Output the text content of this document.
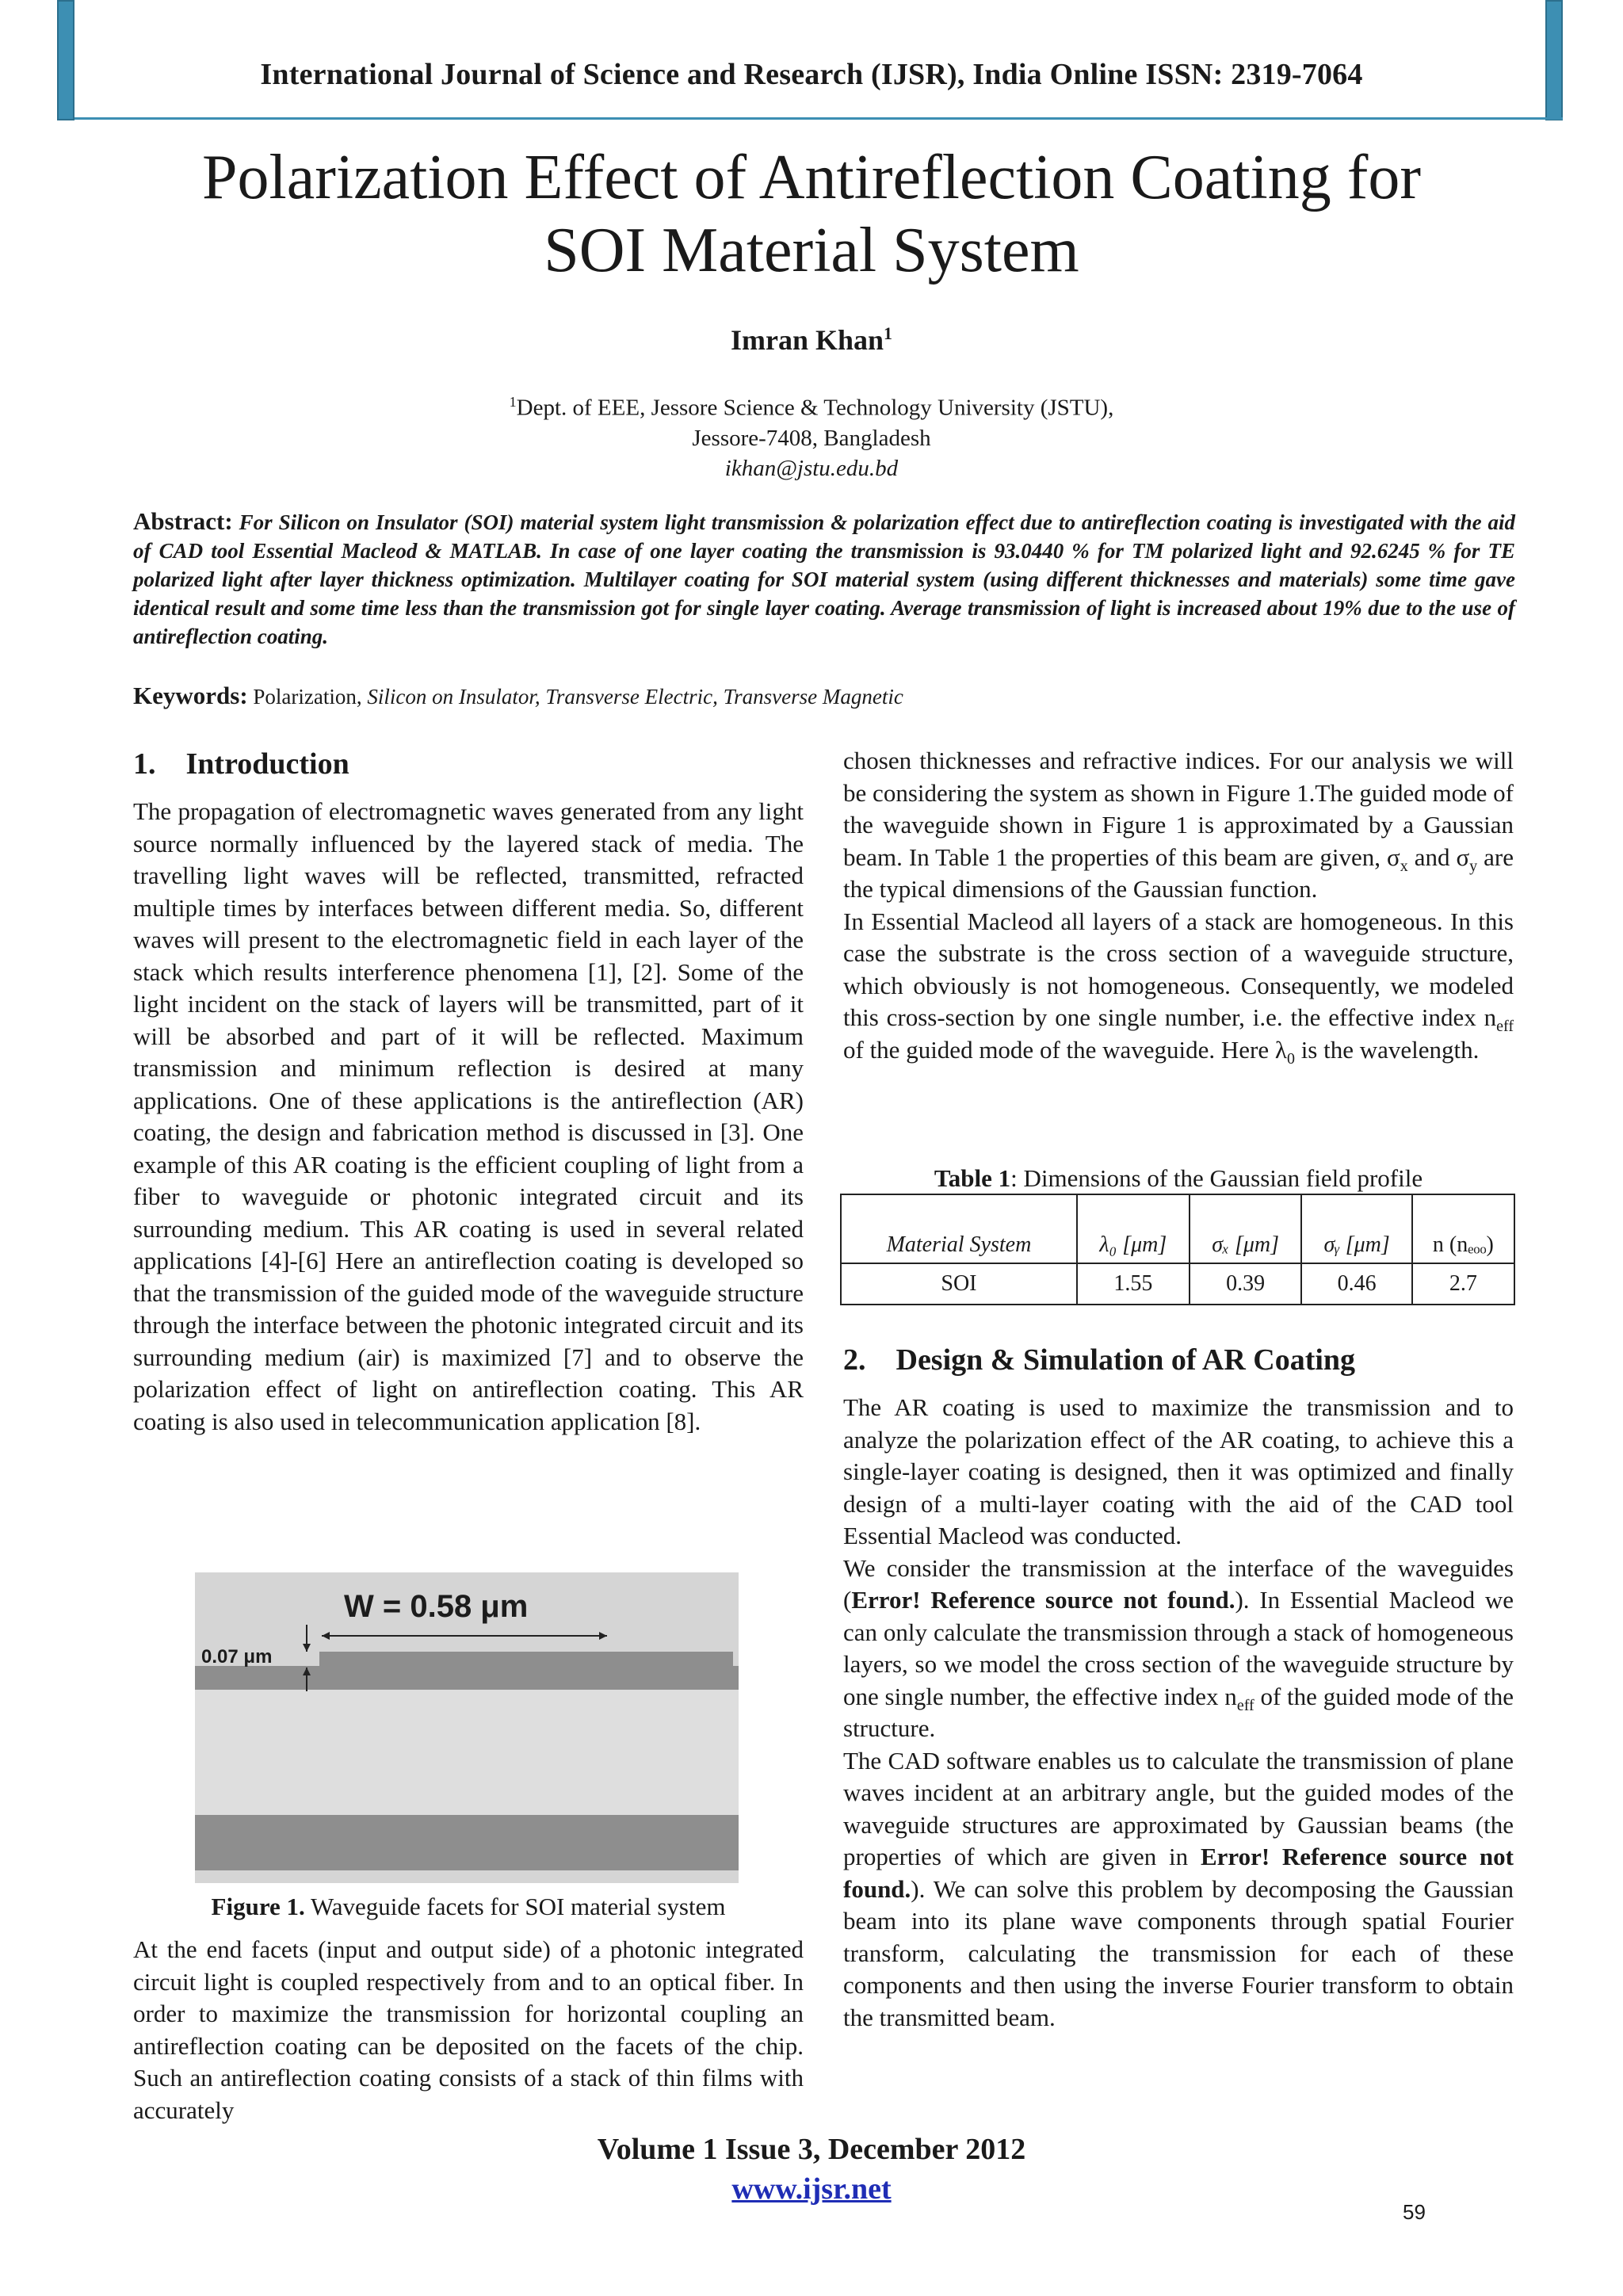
International Journal of Science and Research (IJSR), India Online ISSN: 2319-7064
Polarization Effect of Antireflection Coating for
SOI Material System
Imran Khan$^1$
$^1$Dept. of EEE, Jessore Science & Technology University (JSTU),
Jessore-7408, Bangladesh
ikhan@jstu.edu.bd
Abstract: For Silicon on Insulator (SOI) material system light transmission & polarization effect due to antireflection coating is investigated with the aid of CAD tool Essential Macleod & MATLAB. In case of one layer coating the transmission is 93.0440 % for TM polarized light and 92.6245 % for TE polarized light after layer thickness optimization. Multilayer coating for SOI material system (using different thicknesses and materials) some time gave identical result and some time less than the transmission got for single layer coating. Average transmission of light is increased about 19% due to the use of antireflection coating.
Keywords: Polarization, Silicon on Insulator, Transverse Electric, Transverse Magnetic
1. Introduction

The propagation of electromagnetic waves generated from any light source normally influenced by the layered stack of media. The travelling light waves will be reflected, transmitted, refracted multiple times by interfaces between different media. So, different waves will present to the electromagnetic field in each layer of the stack which results interference phenomena [1], [2]. Some of the light incident on the stack of layers will be transmitted, part of it will be absorbed and part of it will be reflected. Maximum transmission and minimum reflection is desired at many applications. One of these applications is the antireflection (AR) coating, the design and fabrication method is discussed in [3]. One example of this AR coating is the efficient coupling of light from a fiber to waveguide or photonic integrated circuit and its surrounding medium. This AR coating is used in several related applications [4]-[6] Here an antireflection coating is developed so that the transmission of the guided mode of the waveguide structure through the interface between the photonic integrated circuit and its surrounding medium (air) is maximized [7] and to observe the polarization effect of light on antireflection coating. This AR coating is also used in telecommunication application [8].

W = 0.58 μm
0.07 μm
Figure 1. Waveguide facets for SOI material system

At the end facets (input and output side) of a photonic integrated circuit light is coupled respectively from and to an optical fiber. In order to maximize the transmission for horizontal coupling an antireflection coating can be deposited on the facets of the chip. Such an antireflection coating consists of a stack of thin films with accurately

chosen thicknesses and refractive indices. For our analysis we will be considering the system as shown in Figure 1.The guided mode of the waveguide shown in Figure 1 is approximated by a Gaussian beam. In Table 1 the properties of this beam are given, $\sigma_x$ and $\sigma_y$ are the typical dimensions of the Gaussian function.

In Essential Macleod all layers of a stack are homogeneous. In this case the substrate is the cross section of a waveguide structure, which obviously is not homogeneous. Consequently, we modeled this cross-section by one single number, i.e. the effective index $n_{eff}$ of the guided mode of the waveguide. Here $\lambda_0$ is the wavelength.

Table 1: Dimensions of the Gaussian field profile
Material System	λ₀ [μm]	σₓ [μm]	σᵧ [μm]	n (nₑₒₒ)
SOI	1.55	0.39	0.46	2.7
2. Design & Simulation of AR Coating

The AR coating is used to maximize the transmission and to analyze the polarization effect of the AR coating, to achieve this a single-layer coating is designed, then it was optimized and finally design of a multi-layer coating with the aid of the CAD tool Essential Macleod was conducted.

We consider the transmission at the interface of the waveguides (Error! Reference source not found.). In Essential Macleod we can only calculate the transmission through a stack of homogeneous layers, so we model the cross section of the waveguide structure by one single number, the effective index $n_{eff}$ of the guided mode of the structure.

The CAD software enables us to calculate the transmission of plane waves incident at an arbitrary angle, but the guided modes of the waveguide structures are approximated by Gaussian beams (the properties of which are given in Error! Reference source not found.). We can solve this problem by decomposing the Gaussian beam into its plane wave components through spatial Fourier transform, calculating the transmission for each of these components and then using the inverse Fourier transform to obtain the transmitted beam.

Volume 1 Issue 3, December 2012
www.ijsr.net
59
